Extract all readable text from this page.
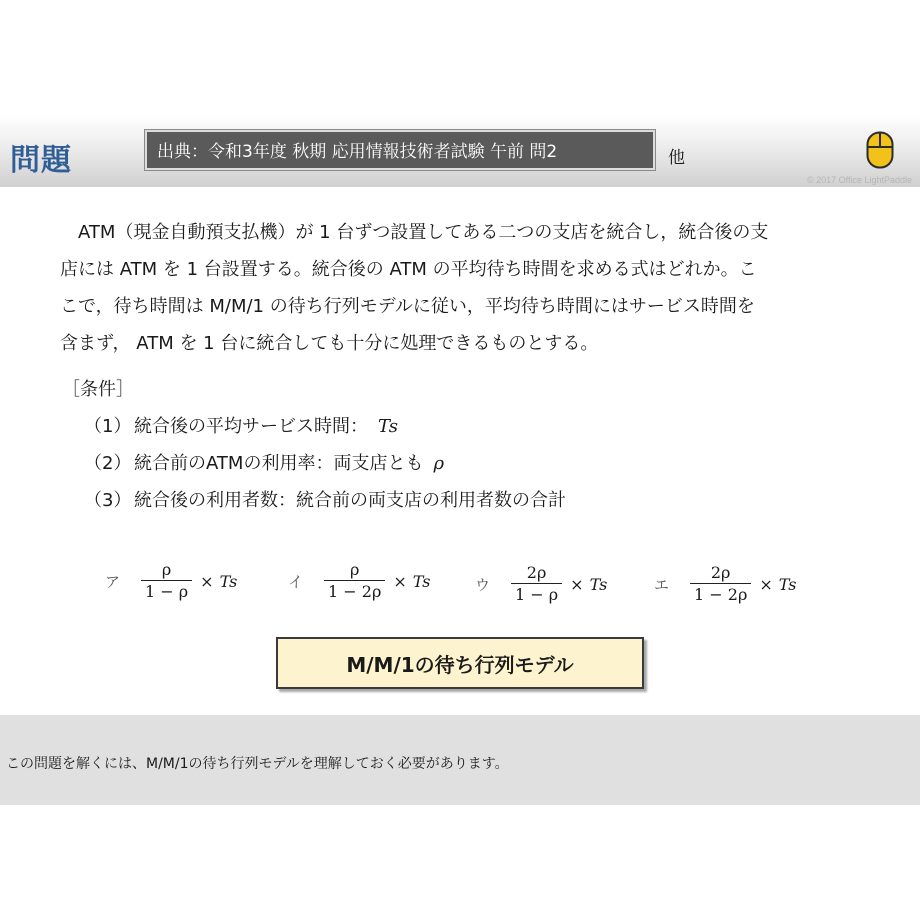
問題	出典：令和3年度 秋期 応用情報技術者試験 午前 問2	他
© 2017 Office LightPaddle

ATM（現金自動預支払機）が 1 台ずつ設置してある二つの支店を統合し，統合後の支

店には ATM を 1 台設置する。統合後の ATM の平均待ち時間を求める式はどれか。こ

こで，待ち時間は M/M/1 の待ち行列モデルに従い，平均待ち時間にはサービス時間を

含まず， ATM を 1 台に統合しても十分に処理できるものとする。

［条件］
（1） 統合後の平均サービス時間： Ts
（2） 統合前のATMの利用率：両支店とも ρ
（3） 統合後の利用者数：統合前の両支店の利用者数の合計
ア	$\frac{\rho}{1 - \rho} \times Ts$	イ	$\frac{\rho}{1 - 2\rho} \times Ts$	ウ	$\frac{2\rho}{1 - \rho} \times Ts$	エ	$\frac{2\rho}{1 - 2\rho} \times Ts$
M/M/1の待ち行列モデル
この問題を解くには、M/M/1の待ち行列モデルを理解しておく必要があります。
